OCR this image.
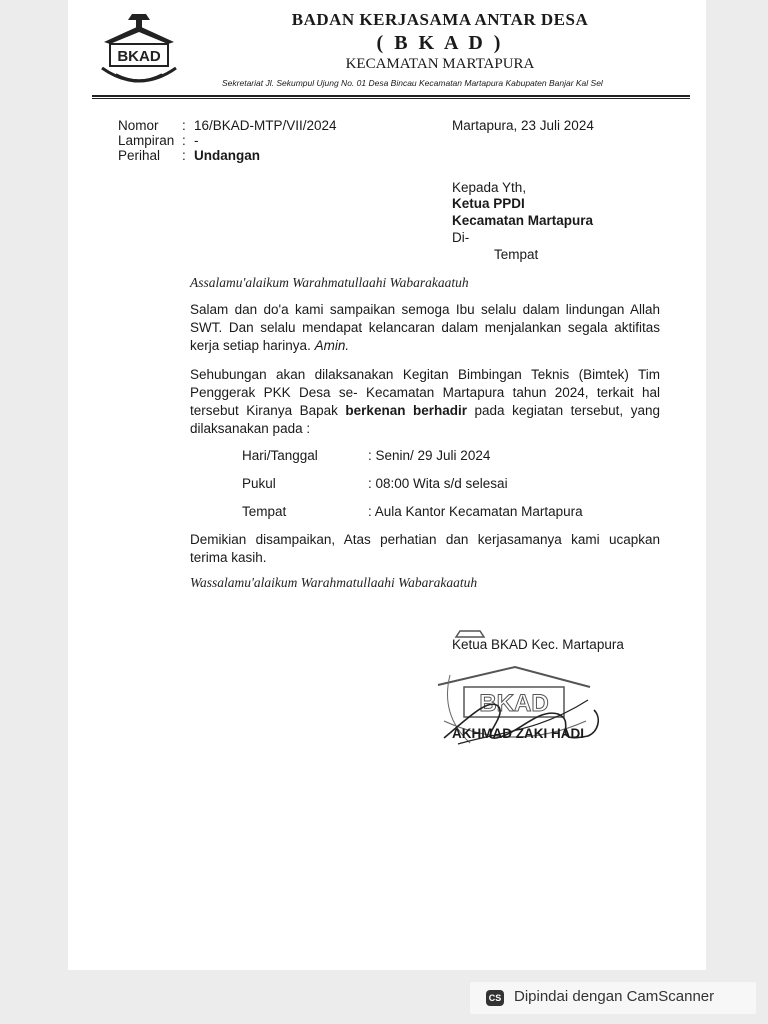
BKAD
BADAN KERJASAMA ANTAR DESA
( B K A D )
KECAMATAN MARTAPURA
Sekretariat Jl. Sekumpul Ujung No. 01 Desa Bincau Kecamatan Martapura Kabupaten Banjar Kal Sel
Nomor : 16/BKAD-MTP/VII/2024	Martapura, 23 Juli 2024
Lampiran : -
Perihal : Undangan
Kepada Yth,
Ketua PPDI
Kecamatan Martapura
Di-
Tempat
Assalamu'alaikum Warahmatullaahi Wabarakaatuh
Salam dan do'a kami sampaikan semoga Ibu selalu dalam lindungan Allah SWT. Dan selalu mendapat kelancaran dalam menjalankan segala aktifitas kerja setiap harinya. Amin.
Sehubungan akan dilaksanakan Kegitan Bimbingan Teknis (Bimtek) Tim Penggerak PKK Desa se- Kecamatan Martapura tahun 2024, terkait hal tersebut Kiranya Bapak berkenan berhadir pada kegiatan tersebut, yang dilaksanakan pada :
Hari/Tanggal	: Senin/ 29 Juli 2024
Pukul	: 08:00 Wita s/d selesai
Tempat	: Aula Kantor Kecamatan Martapura
Demikian disampaikan, Atas perhatian dan kerjasamanya kami ucapkan terima kasih.
Wassalamu'alaikum Warahmatullaahi Wabarakaatuh
Ketua BKAD Kec. Martapura
BKAD
AKHMAD ZAKI HADI
CS Dipindai dengan CamScanner
